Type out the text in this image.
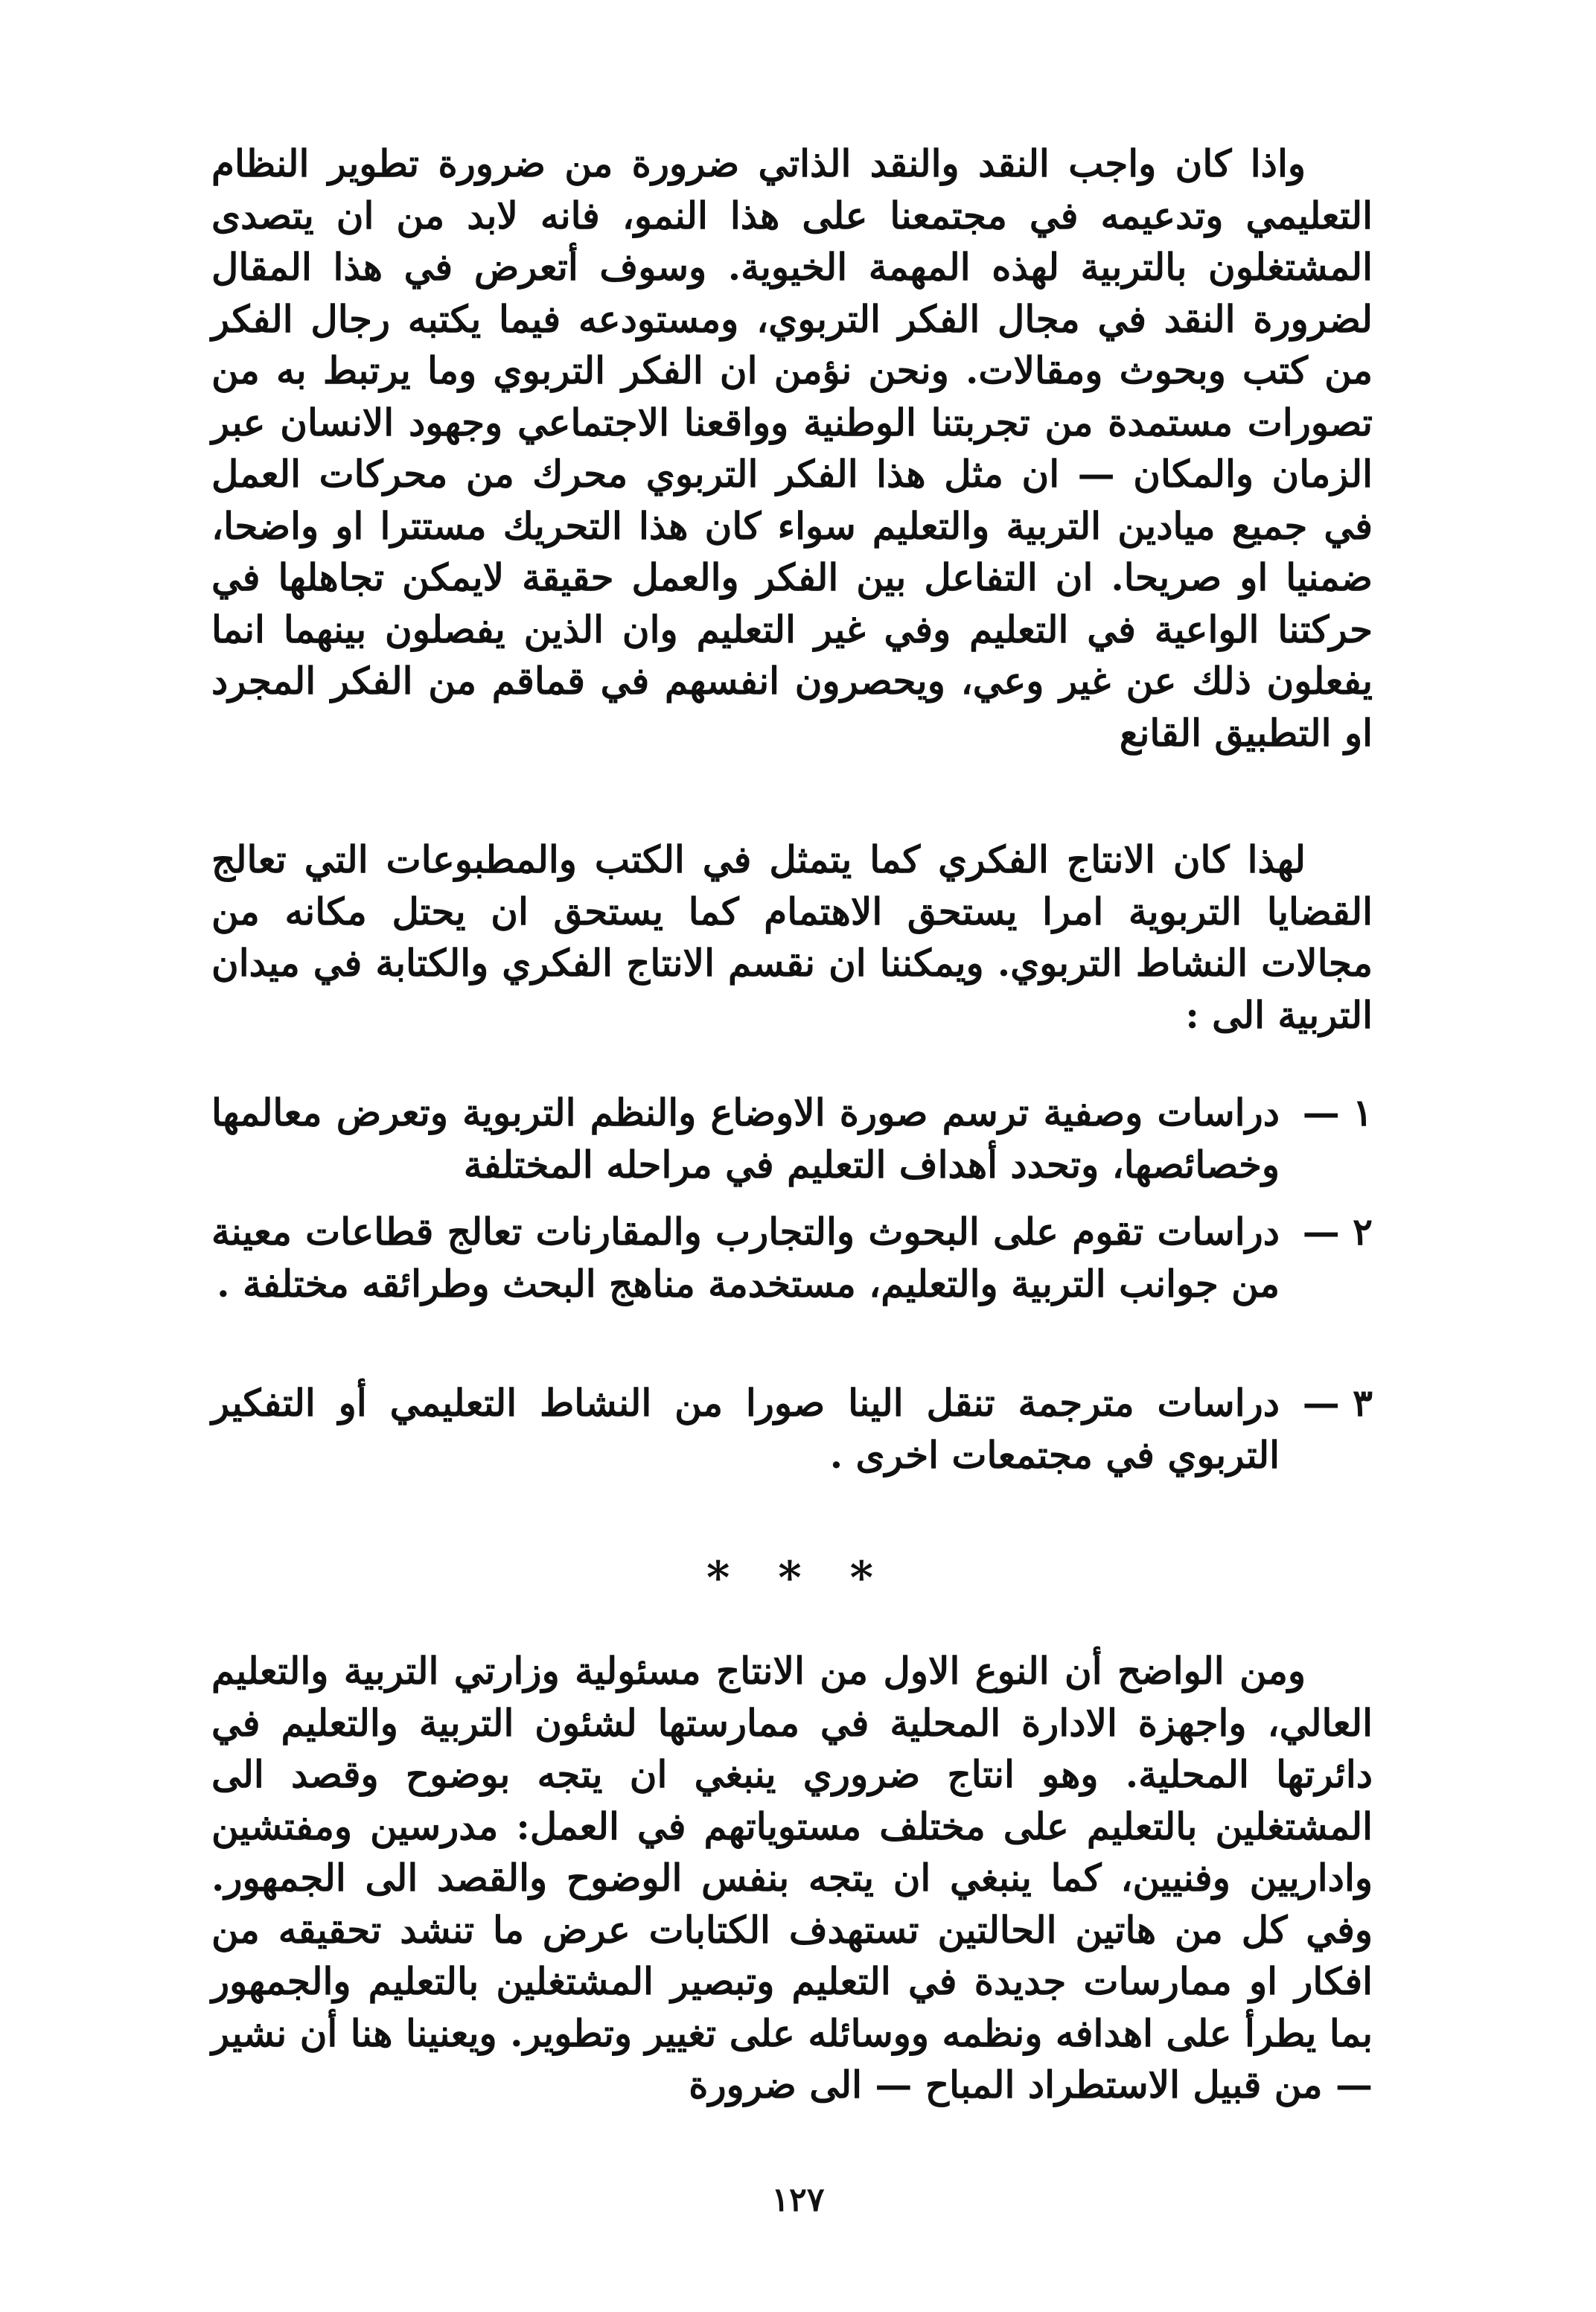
واذا كان واجب النقد والنقد الذاتي ضرورة من ضرورة تطوير النظام التعليمي وتدعيمه في مجتمعنا على هذا النمو، فانه لابد من ان يتصدى المشتغلون بالتربية لهذه المهمة الخيوية. وسوف أتعرض في هذا المقال لضرورة النقد في مجال الفكر التربوي، ومستودعه فيما يكتبه رجال الفكر من كتب وبحوث ومقالات. ونحن نؤمن ان الفكر التربوي وما يرتبط به من تصورات مستمدة من تجربتنا الوطنية وواقعنا الاجتماعي وجهود الانسان عبر الزمان والمكان — ان مثل هذا الفكر التربوي محرك من محركات العمل في جميع ميادين التربية والتعليم سواء كان هذا التحريك مستترا او واضحا، ضمنيا او صريحا. ان التفاعل بين الفكر والعمل حقيقة لايمكن تجاهلها في حركتنا الواعية في التعليم وفي غير التعليم وان الذين يفصلون بينهما انما يفعلون ذلك عن غير وعي، ويحصرون انفسهم في قماقم من الفكر المجرد او التطبيق القانع

لهذا كان الانتاج الفكري كما يتمثل في الكتب والمطبوعات التي تعالج القضايا التربوية امرا يستحق الاهتمام كما يستحق ان يحتل مكانه من مجالات النشاط التربوي. ويمكننا ان نقسم الانتاج الفكري والكتابة في ميدان التربية الى :

١ —
دراسات وصفية ترسم صورة الاوضاع والنظم التربوية وتعرض معالمها وخصائصها، وتحدد أهداف التعليم في مراحله المختلفة
٢ —
دراسات تقوم على البحوث والتجارب والمقارنات تعالج قطاعات معينة من جوانب التربية والتعليم، مستخدمة مناهج البحث وطرائقه مختلفة .
٣ —
دراسات مترجمة تنقل الينا صورا من النشاط التعليمي أو التفكير التربوي في مجتمعات اخرى .
* * *

ومن الواضح أن النوع الاول من الانتاج مسئولية وزارتي التربية والتعليم العالي، واجهزة الادارة المحلية في ممارستها لشئون التربية والتعليم في دائرتها المحلية. وهو انتاج ضروري ينبغي ان يتجه بوضوح وقصد الى المشتغلين بالتعليم على مختلف مستوياتهم في العمل: مدرسين ومفتشين واداريين وفنيين، كما ينبغي ان يتجه بنفس الوضوح والقصد الى الجمهور. وفي كل من هاتين الحالتين تستهدف الكتابات عرض ما تنشد تحقيقه من افكار او ممارسات جديدة في التعليم وتبصير المشتغلين بالتعليم والجمهور بما يطرأ على اهدافه ونظمه ووسائله على تغيير وتطوير. ويعنينا هنا أن نشير — من قبيل الاستطراد المباح — الى ضرورة

١٢٧
